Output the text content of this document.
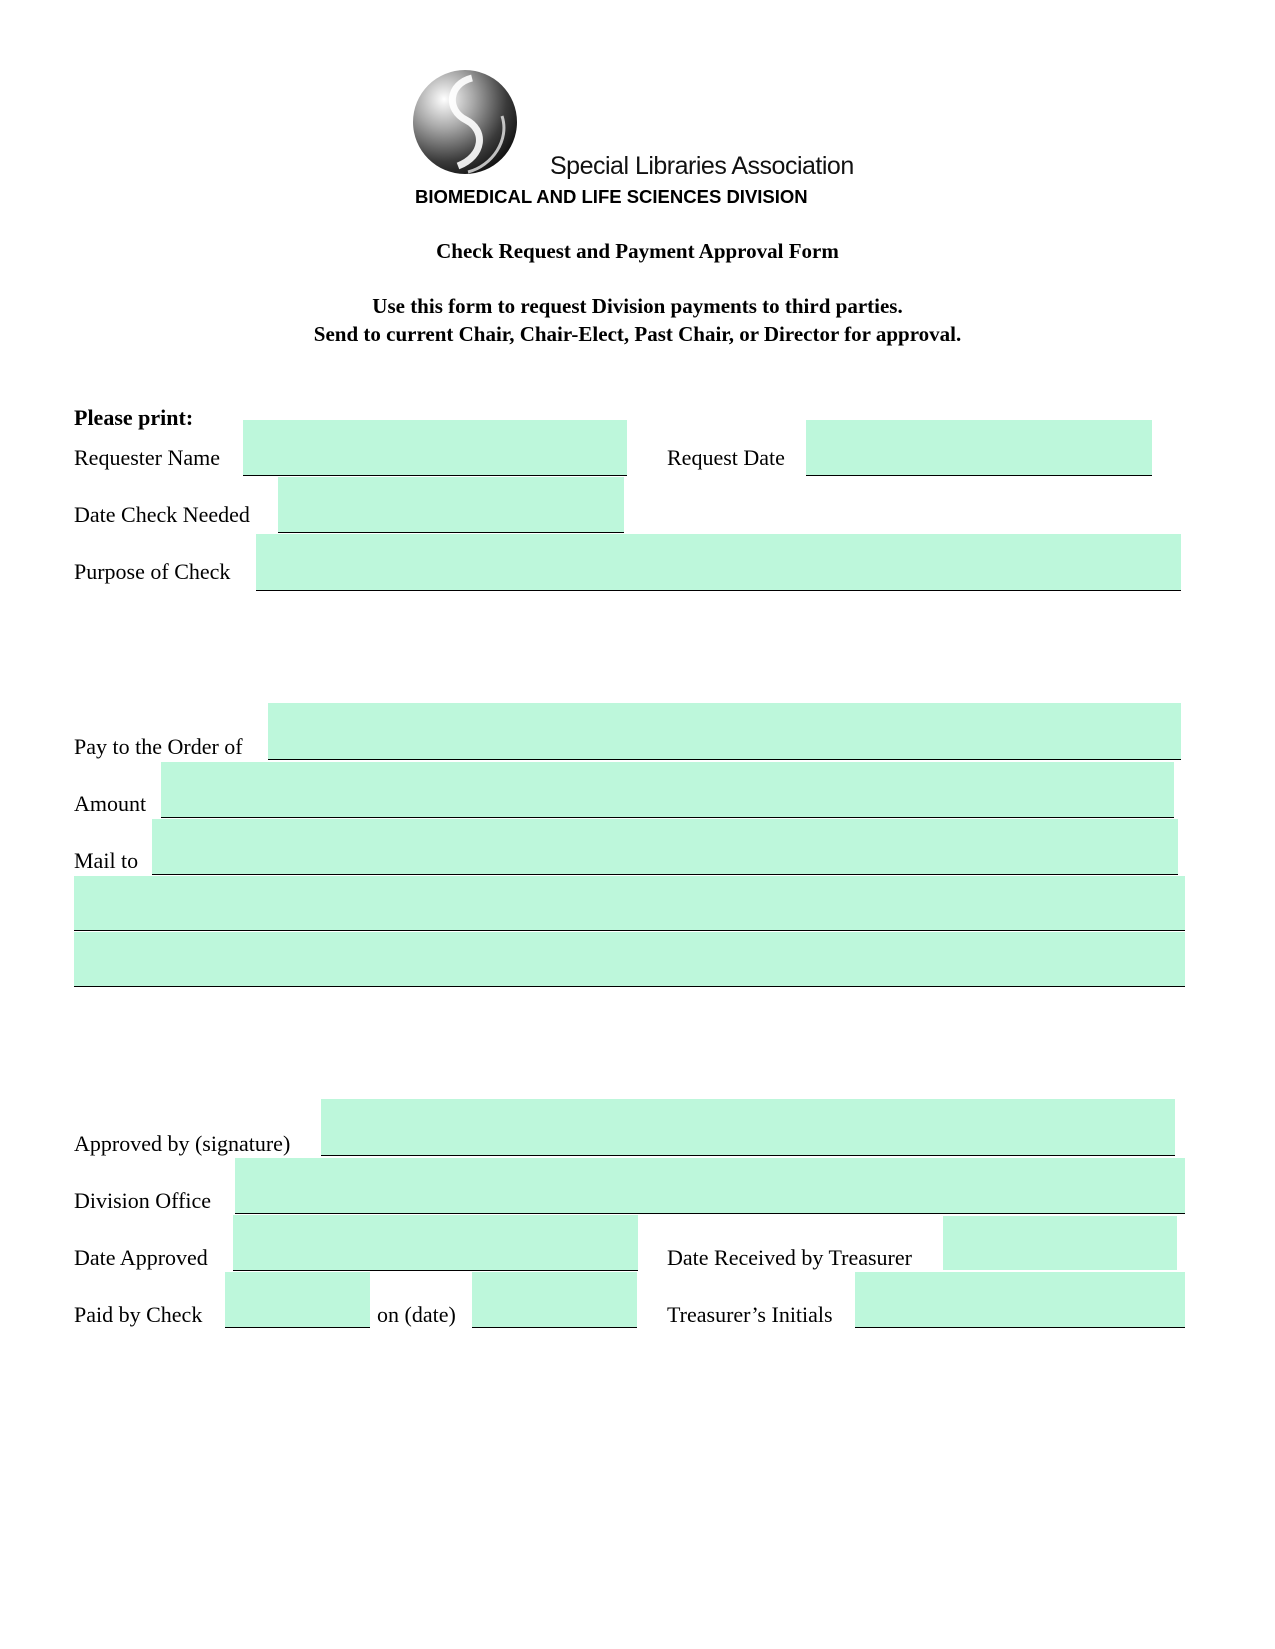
Special Libraries Association
BIOMEDICAL AND LIFE SCIENCES DIVISION
Check Request and Payment Approval Form
Use this form to request Division payments to third parties.
Send to current Chair, Chair-Elect, Past Chair, or Director for approval.
Please print:
Requester Name	Request Date
Date Check Needed
Purpose of Check
Pay to the Order of
Amount
Mail to
Approved by (signature)
Division Office
Date Approved	Date Received by Treasurer
Paid by Check	on (date)	Treasurer’s Initials
